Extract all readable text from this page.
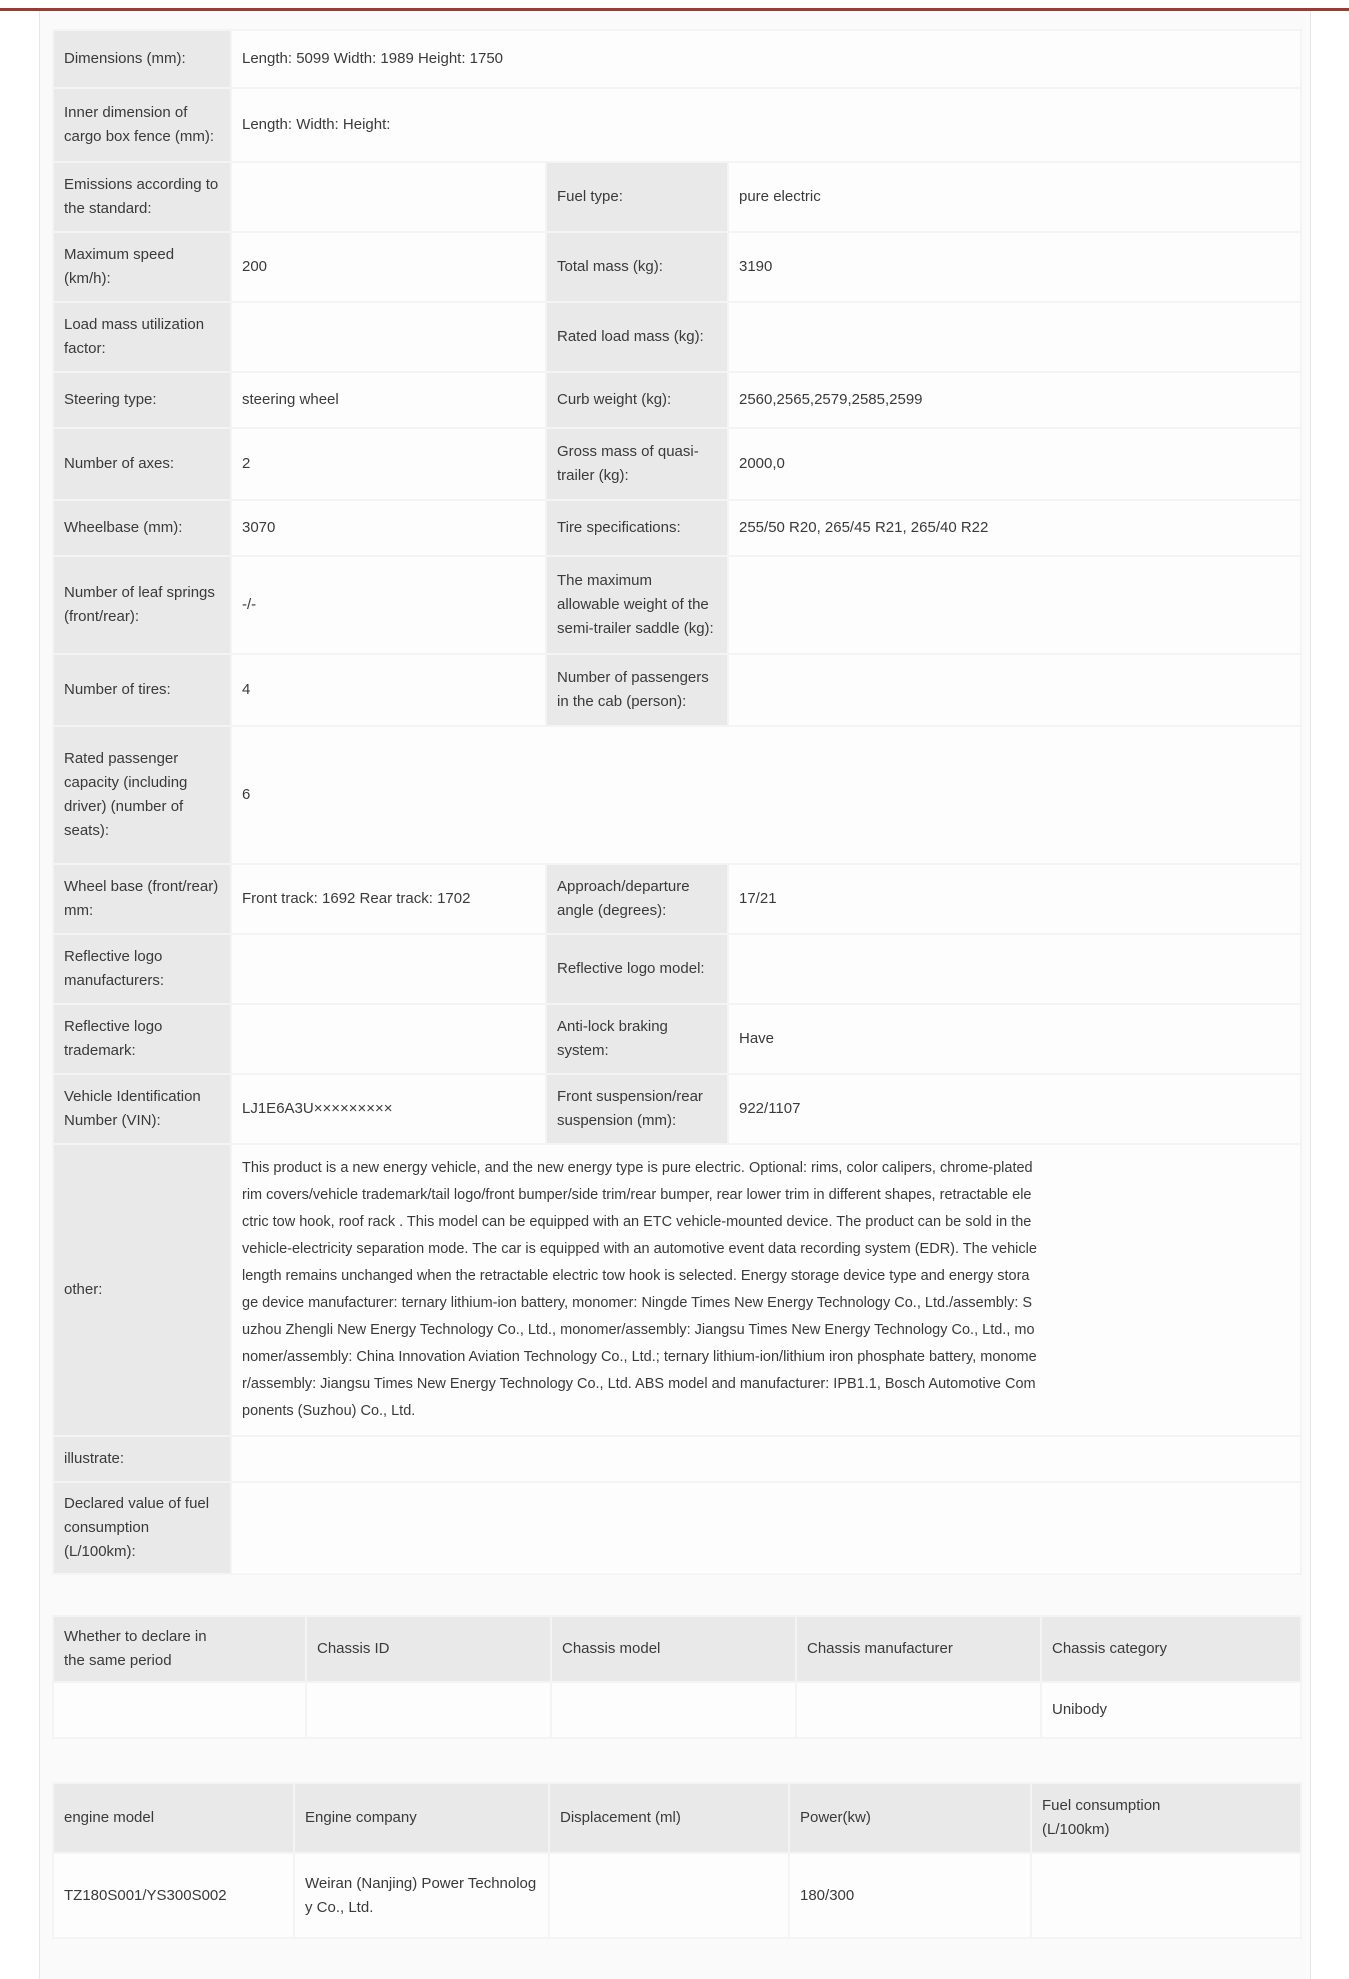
Dimensions (mm):	Length: 5099 Width: 1989 Height: 1750		
Inner dimension of cargo box fence (mm):	Length: Width: Height:		
Emissions according to the standard:		Fuel type:	pure electric
Maximum speed (km/h):	200	Total mass (kg):	3190
Load mass utilization factor:		Rated load mass (kg):	
Steering type:	steering wheel	Curb weight (kg):	2560,2565,2579,2585,2599
Number of axes:	2	Gross mass of quasi-trailer (kg):	2000,0
Wheelbase (mm):	3070	Tire specifications:	255/50 R20, 265/45 R21, 265/40 R22
Number of leaf springs (front/rear):	-/-	The maximum allowable weight of the semi-trailer saddle (kg):	
Number of tires:	4	Number of passengers in the cab (person):	
Rated passenger capacity (including driver) (number of seats):	6		
Wheel base (front/rear) mm:	Front track: 1692 Rear track: 1702	Approach/departure angle (degrees):	17/21
Reflective logo manufacturers:		Reflective logo model:	
Reflective logo trademark:		Anti-lock braking system:	Have
Vehicle Identification Number (VIN):	LJ1E6A3U×××××××××	Front suspension/rear suspension (mm):	922/1107
other:	This product is a new energy vehicle, and the new energy type is pure electric. Optional: rims, color calipers, chrome-plated rim covers/vehicle trademark/tail logo/front bumper/side trim/rear bumper, rear lower trim in different shapes, retractable electric tow hook, roof rack . This model can be equipped with an ETC vehicle-mounted device. The product can be sold in the vehicle-electricity separation mode. The car is equipped with an automotive event data recording system (EDR). The vehicle length remains unchanged when the retractable electric tow hook is selected. Energy storage device type and energy storage device manufacturer: ternary lithium-ion battery, monomer: Ningde Times New Energy Technology Co., Ltd./assembly: Suzhou Zhengli New Energy Technology Co., Ltd., monomer/assembly: Jiangsu Times New Energy Technology Co., Ltd., monomer/assembly: China Innovation Aviation Technology Co., Ltd.; ternary lithium-ion/lithium iron phosphate battery, monomer/assembly: Jiangsu Times New Energy Technology Co., Ltd. ABS model and manufacturer: IPB1.1, Bosch Automotive Components (Suzhou) Co., Ltd.		

illustrate:			
Declared value of fuel consumption (L/100km):			
Whether to declare in the same period	Chassis ID	Chassis model	Chassis manufacturer	Chassis category
				Unibody
engine model	Engine company	Displacement (ml)	Power(kw)	Fuel consumption (L/100km)
TZ180S001/YS300S002	Weiran (Nanjing) Power Technology Co., Ltd.		180/300	
